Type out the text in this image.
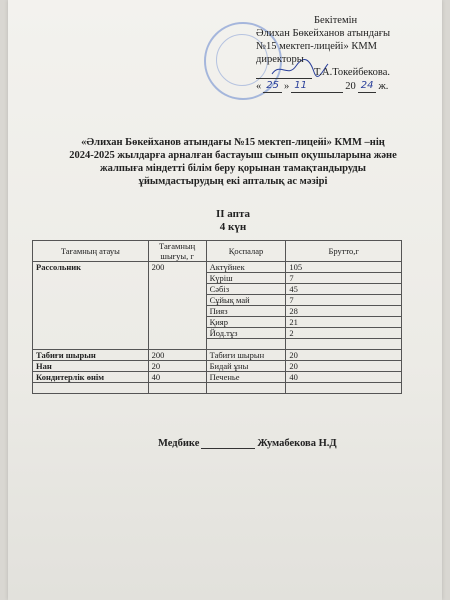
Бекітемін
Әлихан Бөкейханов атындағы
№15 мектеп-лицейі» КММ
директоры
Т.А.Токейбекова.
« 25 » 11	20 24 ж.
«Әлихан Бөкейханов атындағы №15 мектеп-лицейі» КММ –нің
2024-2025 жылдарға арналған бастауыш сынып оқушыларына және
жалпыға міндетті білім беру қорынан тамақтандыруды
ұйымдастырудың екі апталық ас мәзірі
ІІ апта
4 күн
Тағамның атауы	Тағамның шығуы, г	Қоспалар	Брутто,г
Рассольник	200	Актүйнек	105
		Күріш	7
		Сәбіз	45
		Сұйық май	7
		Пияз	28
		Қияр	21
		Йод.тұз	2

Табиғи шырын	200	Табиғи шырын	20
Нан	20	Бидай ұны	20
Кондитерлік өнім	40	Печенье	40

Медбике	Жумабекова Н.Д
